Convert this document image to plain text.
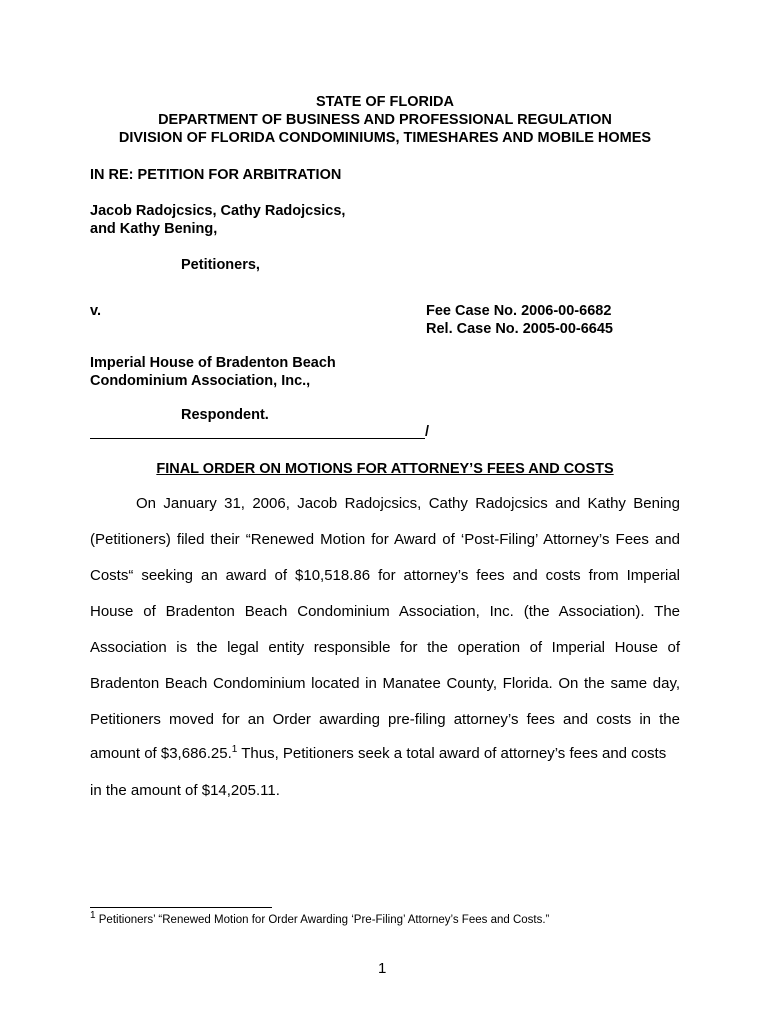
STATE OF FLORIDA
DEPARTMENT OF BUSINESS AND PROFESSIONAL REGULATION
DIVISION OF FLORIDA CONDOMINIUMS, TIMESHARES AND MOBILE HOMES
IN RE: PETITION FOR ARBITRATION
Jacob Radojcsics, Cathy Radojcsics,
and Kathy Bening,
Petitioners,
v.	Fee Case No. 2006-00-6682
Rel. Case No. 2005-00-6645
Imperial House of Bradenton Beach
Condominium Association, Inc.,
Respondent.
/
FINAL ORDER ON MOTIONS FOR ATTORNEY’S FEES AND COSTS
On January 31, 2006, Jacob Radojcsics, Cathy Radojcsics and Kathy Bening
(Petitioners) filed their “Renewed Motion for Award of ‘Post-Filing’ Attorney’s Fees and
Costs“ seeking an award of $10,518.86 for attorney’s fees and costs from Imperial
House of Bradenton Beach Condominium Association, Inc. (the Association). The
Association is the legal entity responsible for the operation of Imperial House of
Bradenton Beach Condominium located in Manatee County, Florida. On the same day,
Petitioners moved for an Order awarding pre-filing attorney’s fees and costs in the
amount of $3,686.25.$^1$ Thus, Petitioners seek a total award of attorney’s fees and costs
in the amount of $14,205.11.
$^1$ Petitioners’ “Renewed Motion for Order Awarding ‘Pre-Filing’ Attorney’s Fees and Costs.”
1
